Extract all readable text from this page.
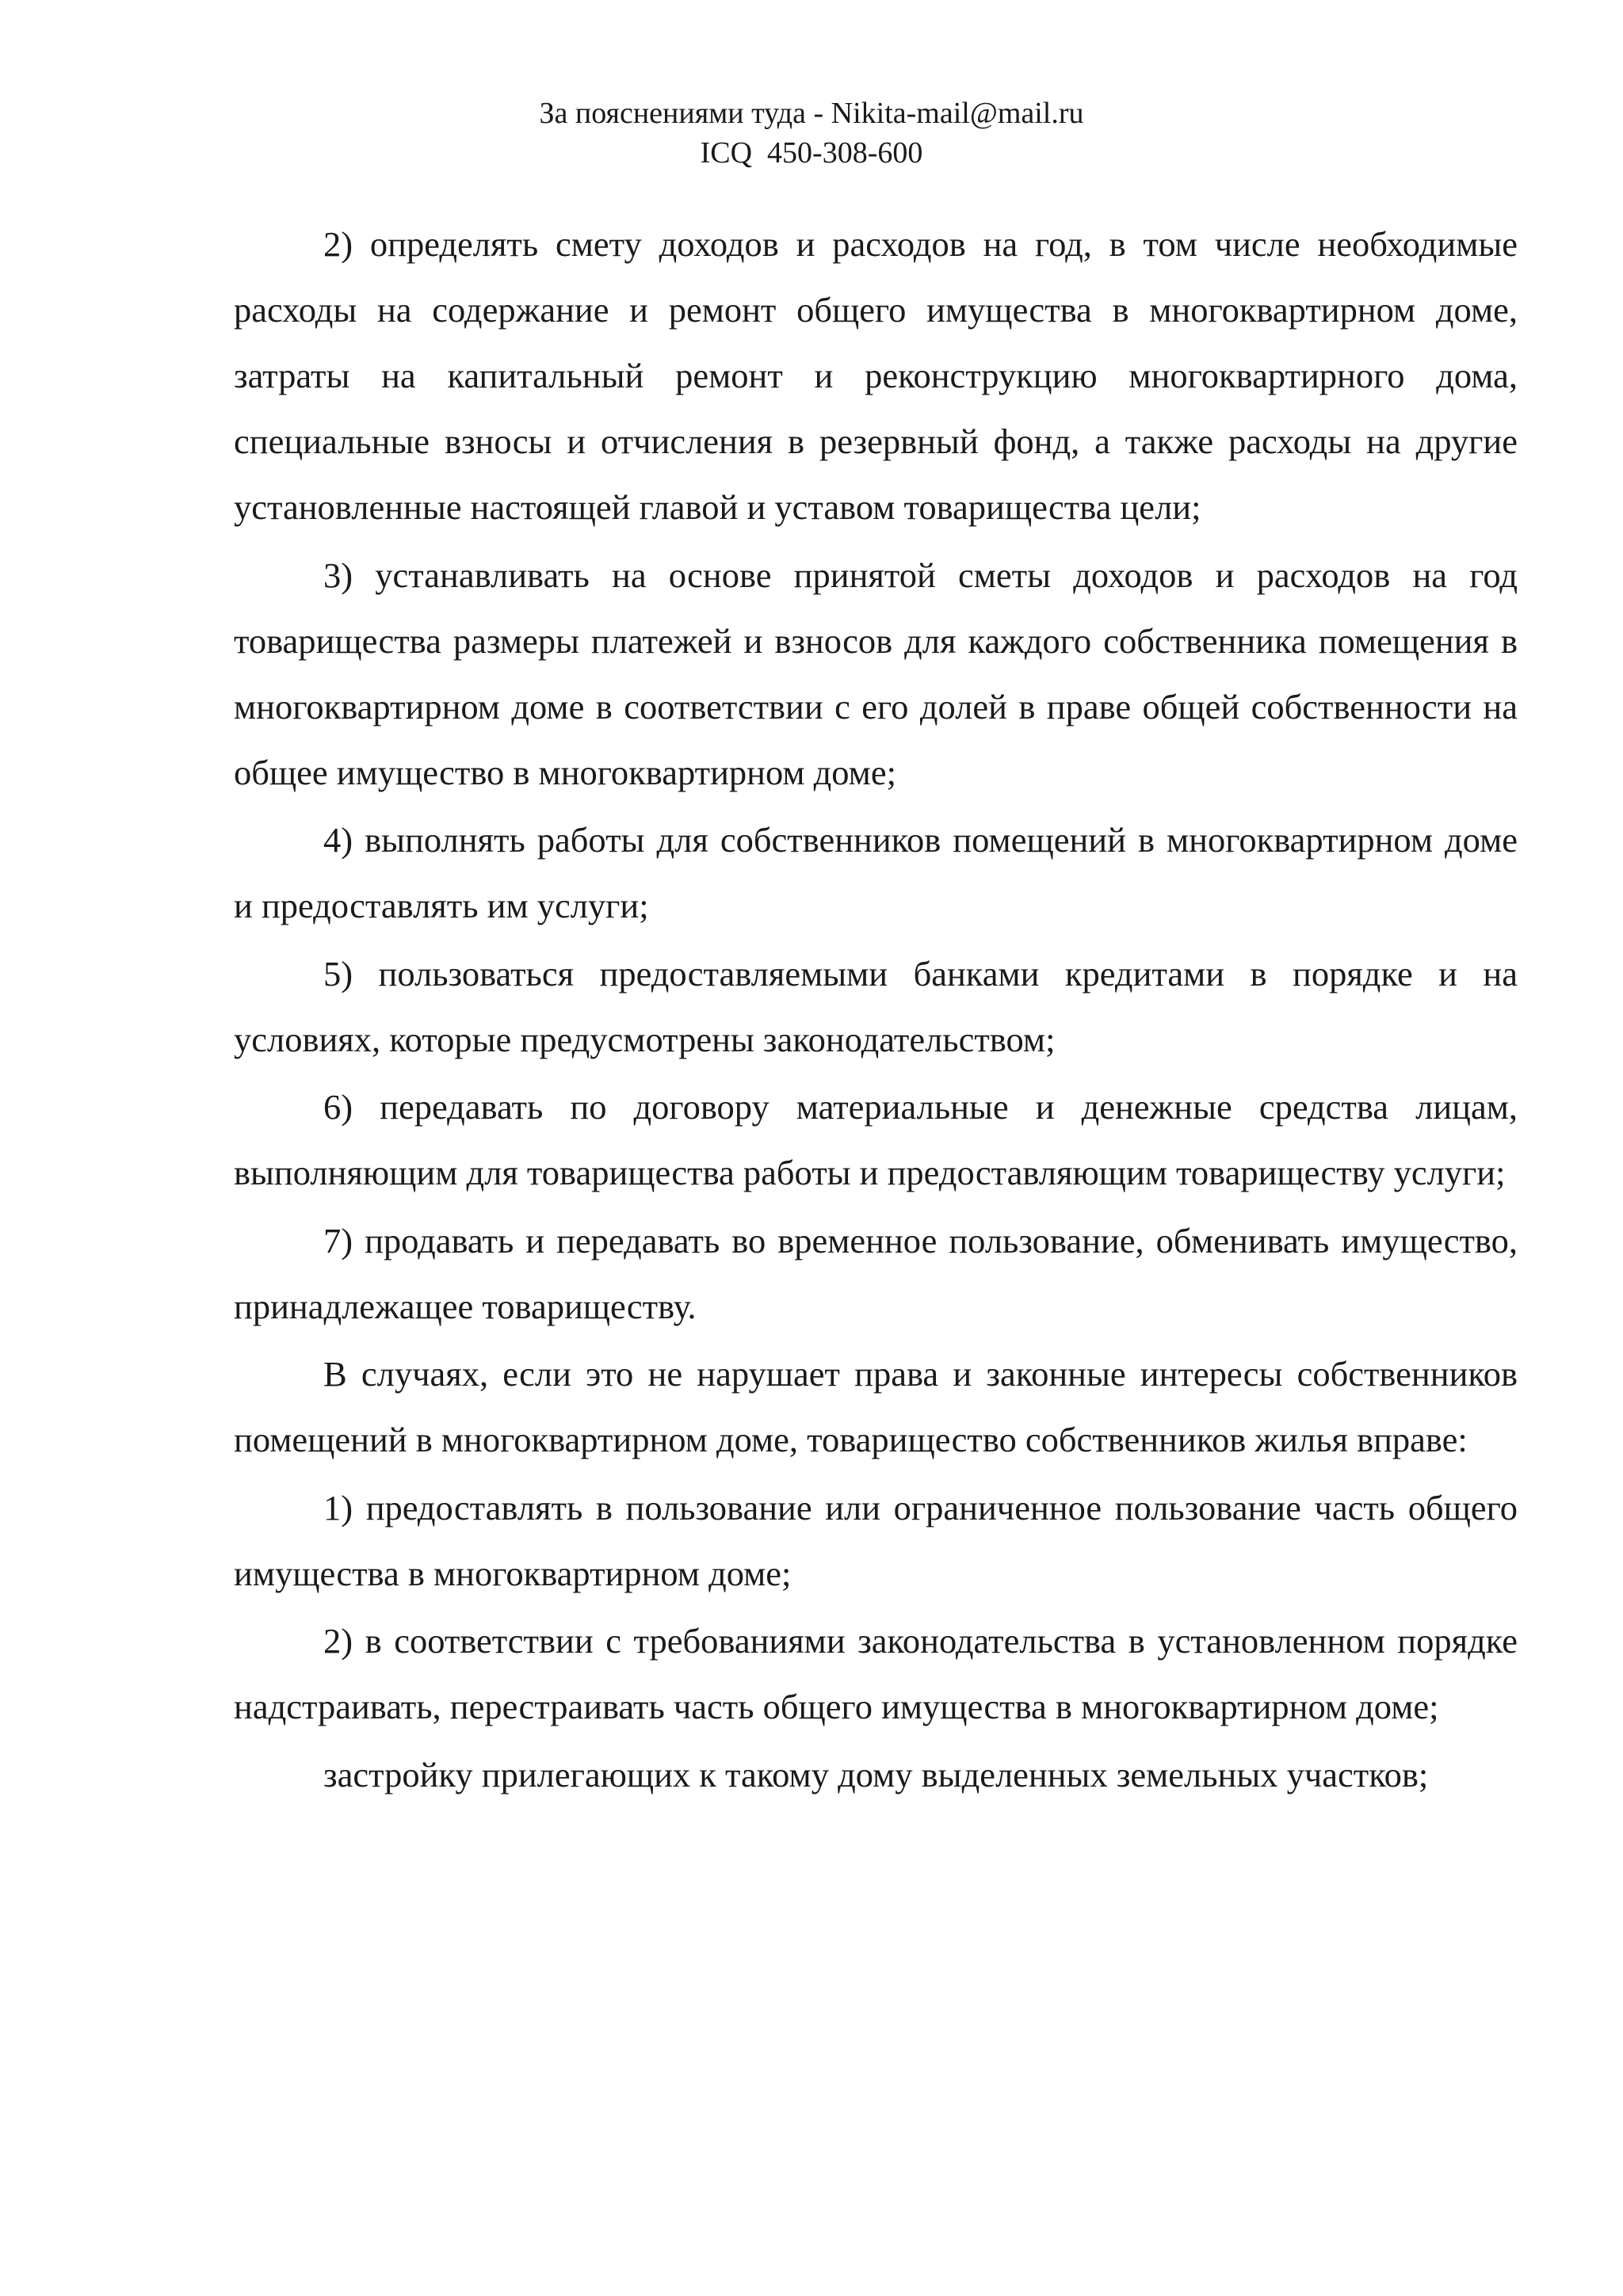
За пояснениями туда - Nikita-mail@mail.ru
ICQ  450-308-600

2) определять смету доходов и расходов на год, в том числе необходимые расходы на содержание и ремонт общего имущества в многоквартирном доме, затраты на капитальный ремонт и реконструкцию многоквартирного дома, специальные взносы и отчисления в резервный фонд, а также расходы на другие установленные настоящей главой и уставом товарищества цели;

3) устанавливать на основе принятой сметы доходов и расходов на год товарищества размеры платежей и взносов для каждого собственника помещения в многоквартирном доме в соответствии с его долей в праве общей собственности на общее имущество в многоквартирном доме;

4) выполнять работы для собственников помещений в многоквартирном доме и предоставлять им услуги;

5) пользоваться предоставляемыми банками кредитами в порядке и на условиях, которые предусмотрены законодательством;

6) передавать по договору материальные и денежные средства лицам, выполняющим для товарищества работы и предоставляющим товариществу услуги;

7) продавать и передавать во временное пользование, обменивать имущество, принадлежащее товариществу.

В случаях, если это не нарушает права и законные интересы собственников помещений в многоквартирном доме, товарищество собственников жилья вправе:

1) предоставлять в пользование или ограниченное пользование часть общего имущества в многоквартирном доме;

2) в соответствии с требованиями законодательства в установленном порядке надстраивать, перестраивать часть общего имущества в многоквартирном доме;

застройку прилегающих к такому дому выделенных земельных участков;
